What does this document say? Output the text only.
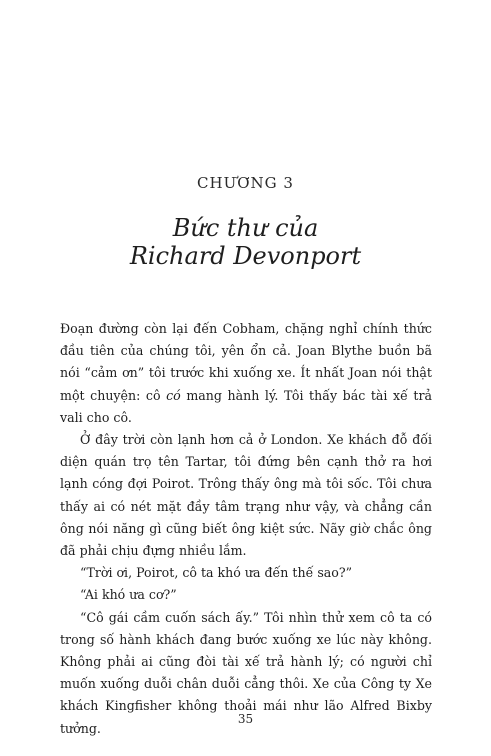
CHƯƠNG 3
Bức thư của
Richard Devonport

Đoạn đường còn lại đến Cobham, chặng nghỉ chính thức đầu tiên của chúng tôi, yên ổn cả. Joan Blythe buồn bã nói “cảm ơn” tôi trước khi xuống xe. Ít nhất Joan nói thật một chuyện: cô có mang hành lý. Tôi thấy bác tài xế trả vali cho cô.

Ở đây trời còn lạnh hơn cả ở London. Xe khách đỗ đối diện quán trọ tên Tartar, tôi đứng bên cạnh thở ra hơi lạnh cóng đợi Poirot. Trông thấy ông mà tôi sốc. Tôi chưa thấy ai có nét mặt đầy tâm trạng như vậy, và chẳng cần ông nói năng gì cũng biết ông kiệt sức. Nãy giờ chắc ông đã phải chịu đựng nhiều lắm.

“Trời ơi, Poirot, cô ta khó ưa đến thế sao?”

“Ai khó ưa cơ?”

“Cô gái cầm cuốn sách ấy.” Tôi nhìn thử xem cô ta có trong số hành khách đang bước xuống xe lúc này không. Không phải ai cũng đòi tài xế trả hành lý; có người chỉ muốn xuống duỗi chân duỗi cẳng thôi. Xe của Công ty Xe khách Kingfisher không thoải mái như lão Alfred Bixby tưởng.

35
